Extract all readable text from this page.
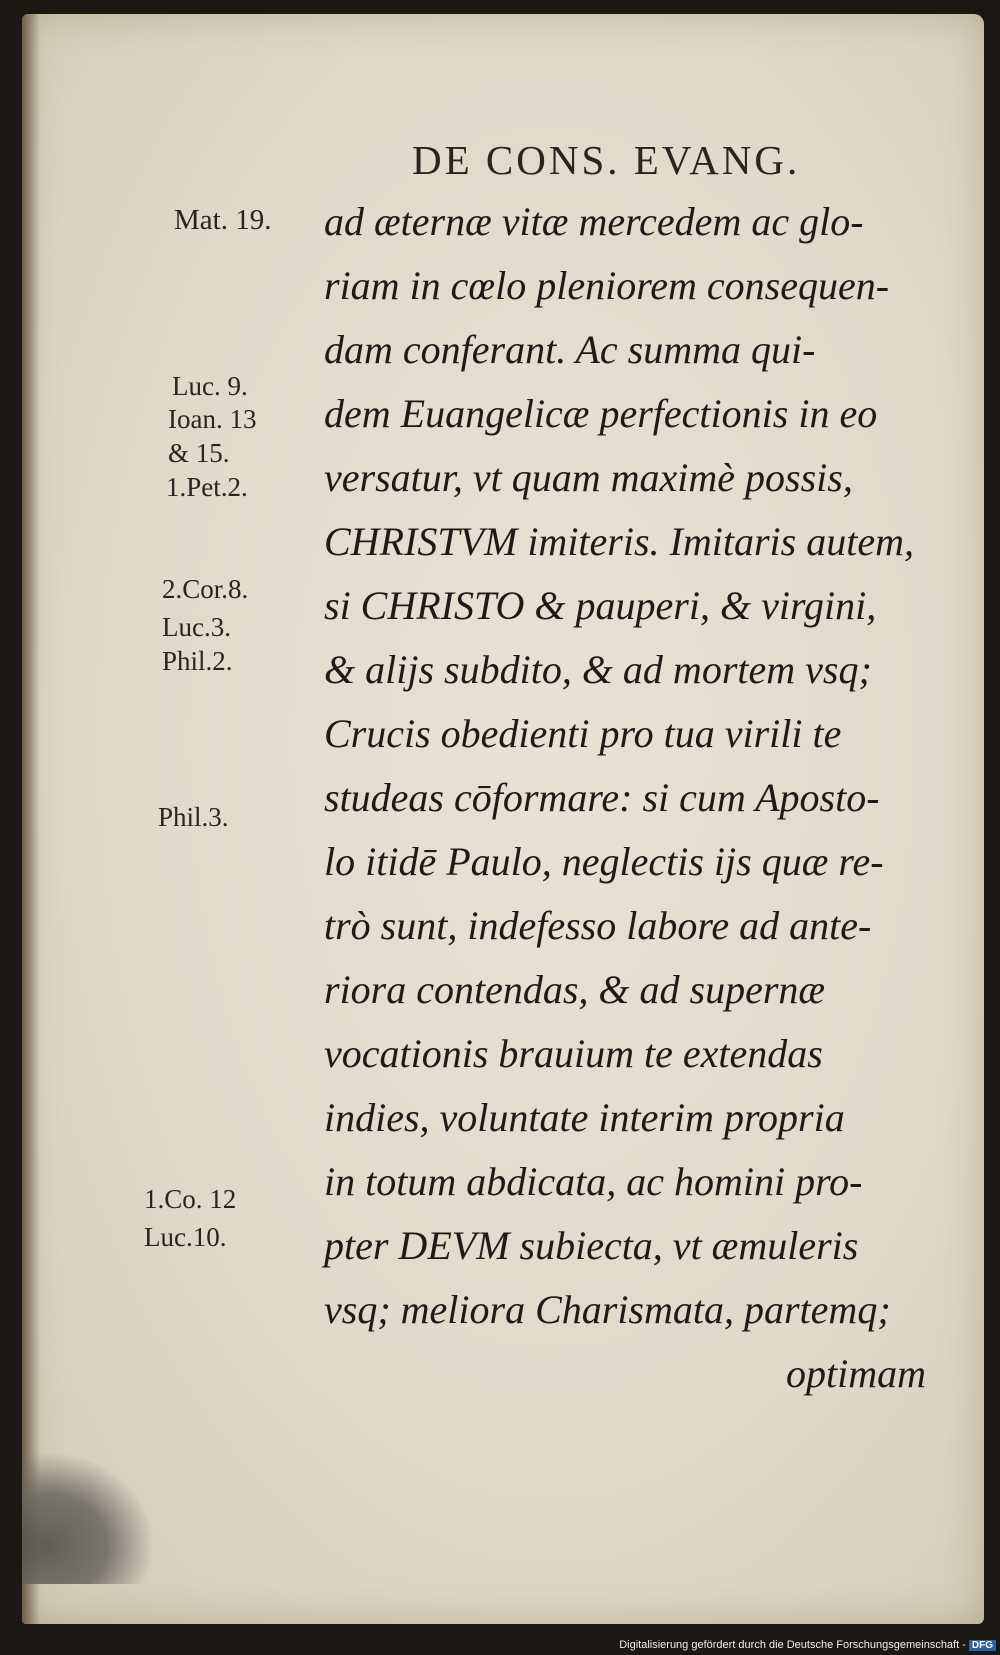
DE CONS. EVANG.
Mat. 19.
Luc. 9.
Ioan. 13
& 15.
1.Pet.2.
2.Cor.8.
Luc.3.
Phil.2.
Phil.3.
1.Co. 12
Luc.10.
ad æternæ vitæ mercedem ac glo-
riam in cœlo pleniorem consequen-
dam conferant. Ac summa qui-
dem Euangelicæ perfectionis in eo
versatur, vt quam maximè possis,
CHRISTVM imiteris. Imitaris autem,
si CHRISTO & pauperi, & virgini,
& alijs subdito, & ad mortem vsq;
Crucis obedienti pro tua virili te
studeas cōformare: si cum Aposto-
lo itidē Paulo, neglectis ijs quæ re-
trò sunt, indefesso labore ad ante-
riora contendas, & ad supernæ
vocationis brauium te extendas
indies, voluntate interim propria
in totum abdicata, ac homini pro-
pter DEVM subiecta, vt æmuleris
vsq; meliora Charismata, partemq;
optimam
Digitalisierung gefördert durch die Deutsche Forschungsgemeinschaft - DFG
